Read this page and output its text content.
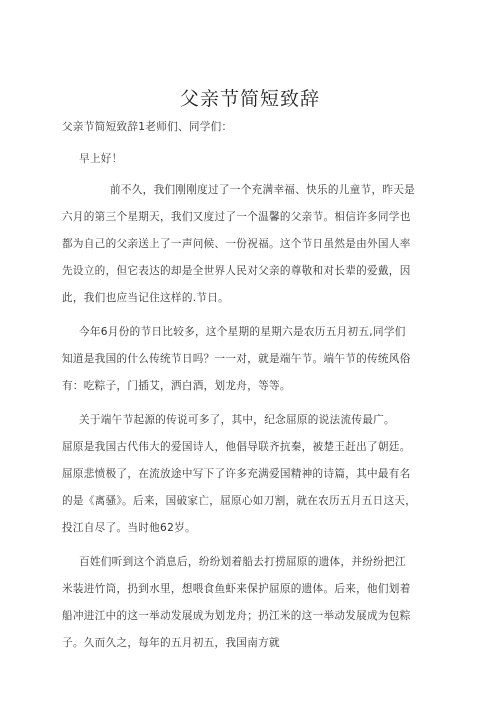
父亲节简短致辞
父亲节简短致辞1老师们、同学们：
早上好！
前不久，我们刚刚度过了一个充满幸福、快乐的儿童节，昨天是
六月的第三个星期天，我们又度过了一个温馨的父亲节。相信许多同学也
都为自己的父亲送上了一声问候、一份祝福。这个节日虽然是由外国人率
先设立的，但它表达的却是全世界人民对父亲的尊敬和对长辈的爱戴，因
此，我们也应当记住这样的.节日。
今年6月份的节日比较多，这个星期的星期六是农历五月初五,同学们
知道是我国的什么传统节日吗？一一对，就是端午节。端午节的传统风俗
有：吃粽子，门插艾，洒白酒，划龙舟，等等。
关于端午节起源的传说可多了，其中，纪念屈原的说法流传最广。
屈原是我国古代伟大的爱国诗人，他倡导联齐抗秦，被楚王赶出了朝廷。
屈原悲愤极了，在流放途中写下了许多充满爱国精神的诗篇，其中最有名
的是《离骚》。后来，国破家亡，屈原心如刀割，就在农历五月五日这天，
投江自尽了。当时他62岁。
百姓们听到这个消息后，纷纷划着船去打捞屈原的遗体，并纷纷把江
米装进竹筒，扔到水里，想喂食鱼虾来保护屈原的遗体。后来，他们划着
船冲进江中的这一举动发展成为划龙舟；扔江米的这一举动发展成为包粽
子。久而久之，每年的五月初五，我国南方就
